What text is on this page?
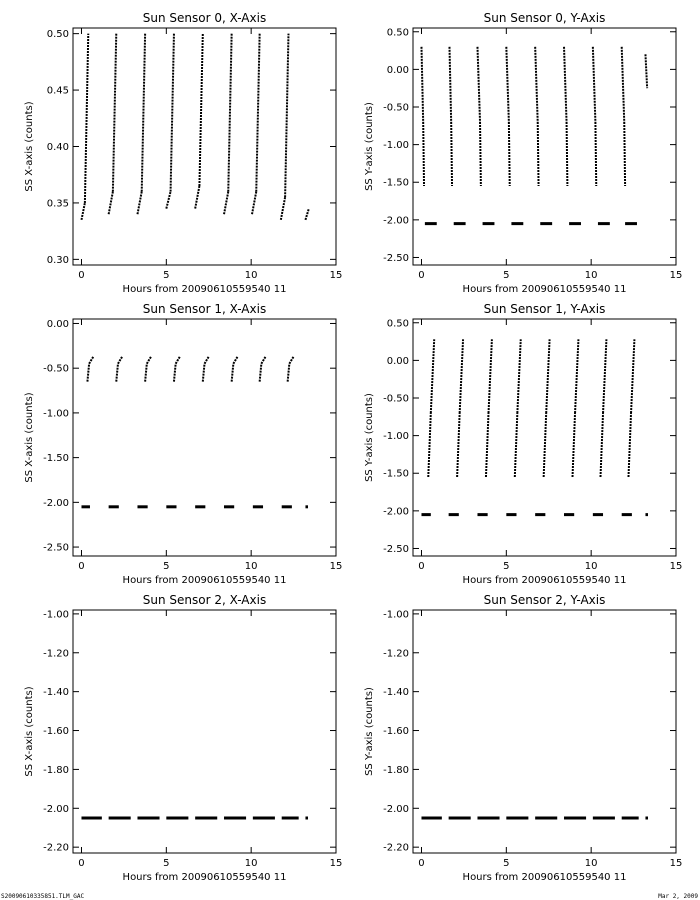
Sun Sensor 0, X-Axis
Hours from 20090610559540 11
SS X-axis (counts)
0	5	10	15
0.30
0.35
0.40
0.45
0.50
Sun Sensor 0, Y-Axis
Hours from 20090610559540 11
SS Y-axis (counts)
0	5	10	15
-2.50
-2.00
-1.50
-1.00
-0.50
0.00
0.50
Sun Sensor 1, X-Axis
Hours from 20090610559540 11
SS X-axis (counts)
0	5	10	15
-2.50
-2.00
-1.50
-1.00
-0.50
0.00
Sun Sensor 1, Y-Axis
Hours from 20090610559540 11
SS Y-axis (counts)
0	5	10	15
-2.50
-2.00
-1.50
-1.00
-0.50
0.00
0.50
Sun Sensor 2, X-Axis
Hours from 20090610559540 11
SS X-axis (counts)
0	5	10	15
-2.20
-2.00
-1.80
-1.60
-1.40
-1.20
-1.00
Sun Sensor 2, Y-Axis
Hours from 20090610559540 11
SS Y-axis (counts)
0	5	10	15
-2.20
-2.00
-1.80
-1.60
-1.40
-1.20
-1.00
S20090610335851.TLM_GAC	Mar 2, 2009
